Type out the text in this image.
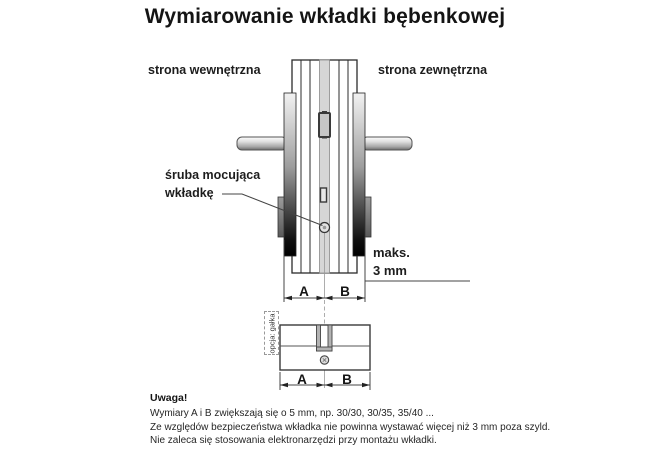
Wymiarowanie wkładki bębenkowej
strona wewnętrzna	strona zewnętrzna
śruba mocująca
wkładkę
maks.
3 mm
A B
opcja: gałka
A	B
Uwaga!
Wymiary A i B zwiększają się o 5 mm, np. 30/30, 30/35, 35/40 ...
Ze względów bezpieczeństwa wkładka nie powinna wystawać więcej niż 3 mm poza szyld.
Nie zaleca się stosowania elektronarzędzi przy montażu wkładki.
